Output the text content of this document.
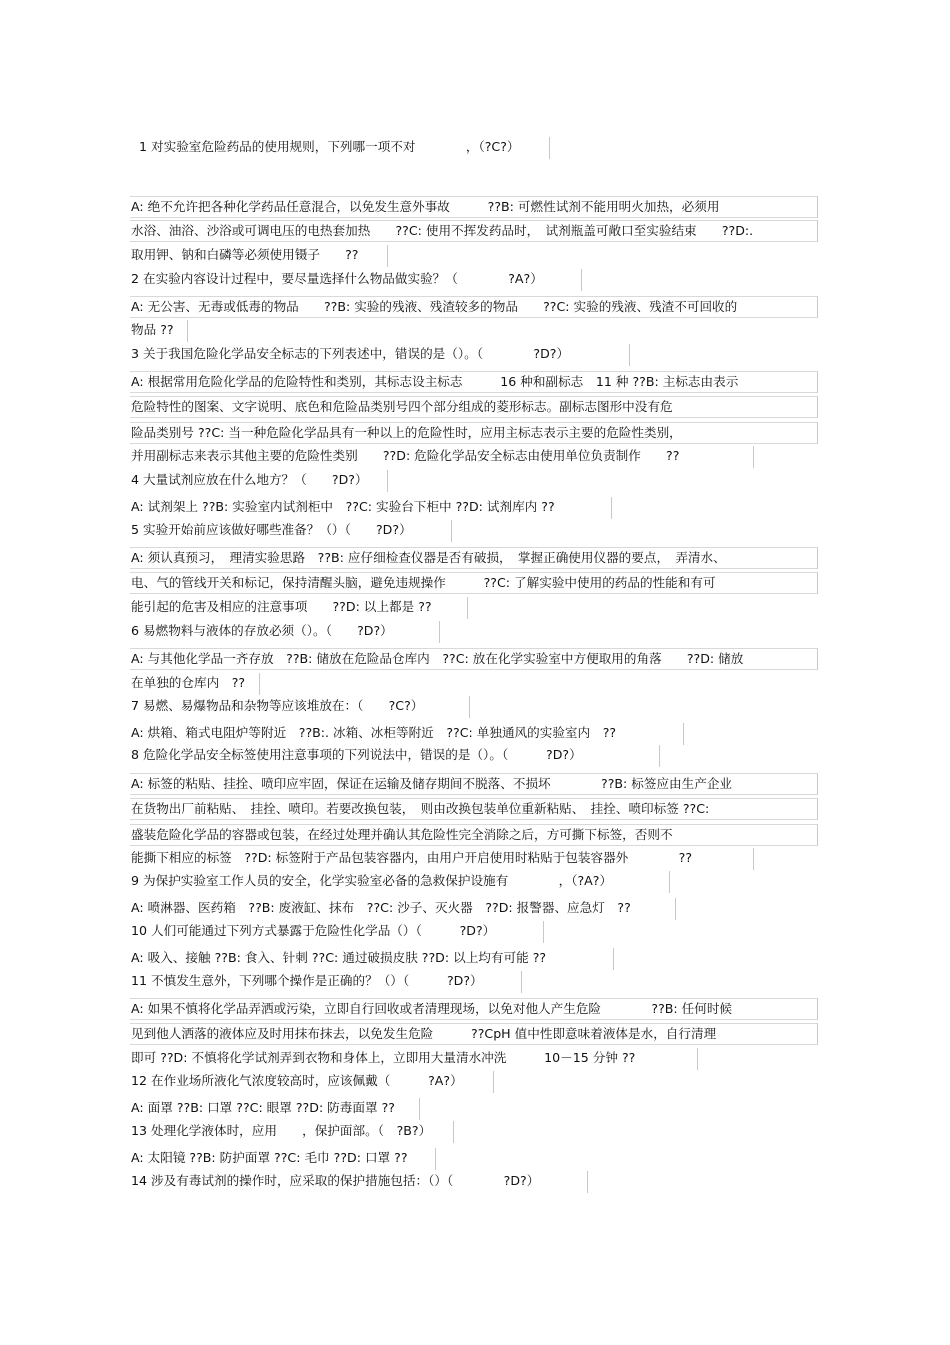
1 对实验室危险药品的使用规则，下列哪一项不对　　　　，（?C?）

A: 绝不允许把各种化学药品任意混合，以免发生意外事故　　　??B: 可燃性试剂不能用明火加热，必须用

水浴、油浴、沙浴或可调电压的电热套加热　　??C: 使用不挥发药品时，　试剂瓶盖可敞口至实验结束　　??D:.

取用钾、钠和白磷等必须使用镊子　　??

2 在实验内容设计过程中，要尽量选择什么物品做实验？（　　　　?A?）

A: 无公害、无毒或低毒的物品　　??B: 实验的残液、残渣较多的物品　　??C: 实验的残液、残渣不可回收的

物品 ??

3 关于我国危险化学品安全标志的下列表述中，错误的是（）。（　　　　?D?）

A: 根据常用危险化学品的危险特性和类别，其标志设主标志　　　16 种和副标志　11 种 ??B: 主标志由表示

危险特性的图案、文字说明、底色和危险品类别号四个部分组成的菱形标志。副标志图形中没有危

险品类别号 ??C: 当一种危险化学品具有一种以上的危险性时，应用主标志表示主要的危险性类别，

并用副标志来表示其他主要的危险性类别　　??D: 危险化学品安全标志由使用单位负责制作　　??

4 大量试剂应放在什么地方？（　　?D?）

A: 试剂架上 ??B: 实验室内试剂柜中　??C: 实验台下柜中 ??D: 试剂库内 ??

5 实验开始前应该做好哪些准备？（）（　　?D?）

A: 须认真预习，　理清实验思路　??B: 应仔细检查仪器是否有破损，　掌握正确使用仪器的要点，　弄清水、

电、气的管线开关和标记，保持清醒头脑，避免违规操作　　　??C: 了解实验中使用的药品的性能和有可

能引起的危害及相应的注意事项　　??D: 以上都是 ??

6 易燃物料与液体的存放必须（）。（　　?D?）

A: 与其他化学品一齐存放　??B: 储放在危险品仓库内　??C: 放在化学实验室中方便取用的角落　　??D: 储放

在单独的仓库内　??

7 易燃、易爆物品和杂物等应该堆放在：（　　?C?）

A: 烘箱、箱式电阻炉等附近　??B:. 冰箱、冰柜等附近　??C: 单独通风的实验室内　??

8 危险化学品安全标签使用注意事项的下列说法中，错误的是（）。（　　　?D?）

A: 标签的粘贴、挂拴、喷印应牢固，保证在运输及储存期间不脱落、不损坏　　　　??B: 标签应由生产企业

在货物出厂前粘贴、　挂拴、喷印。若要改换包装，　则由改换包装单位重新粘贴、　挂拴、喷印标签 ??C:

盛装危险化学品的容器或包装，在经过处理并确认其危险性完全消除之后，方可撕下标签，否则不

能撕下相应的标签　??D: 标签附于产品包装容器内，由用户开启使用时粘贴于包装容器外　　　　??

9 为保护实验室工作人员的安全，化学实验室必备的急救保护设施有　　　　，（?A?）

A: 喷淋器、医药箱　??B: 废液缸、抹布　??C: 沙子、灭火器　??D: 报警器、应急灯　??

10 人们可能通过下列方式暴露于危险性化学品（）（　　　?D?）

A: 吸入、接触 ??B: 食入、针刺 ??C: 通过破损皮肤 ??D: 以上均有可能 ??

11 不慎发生意外，下列哪个操作是正确的？（）（　　　?D?）

A: 如果不慎将化学品弄洒或污染，立即自行回收或者清理现场，以免对他人产生危险　　　　??B: 任何时候

见到他人洒落的液体应及时用抹布抹去，以免发生危险　　　??CpH 值中性即意味着液体是水，自行清理

即可 ??D: 不慎将化学试剂弄到衣物和身体上，立即用大量清水冲洗　　　10－15 分钟 ??

12 在作业场所液化气浓度较高时，应该佩戴（　　　?A?）

A: 面罩 ??B: 口罩 ??C: 眼罩 ??D: 防毒面罩 ??

13 处理化学液体时，应用　　，保护面部。（　?B?）

A: 太阳镜 ??B: 防护面罩 ??C: 毛巾 ??D: 口罩 ??

14 涉及有毒试剂的操作时，应采取的保护措施包括：（）（　　　　?D?）
